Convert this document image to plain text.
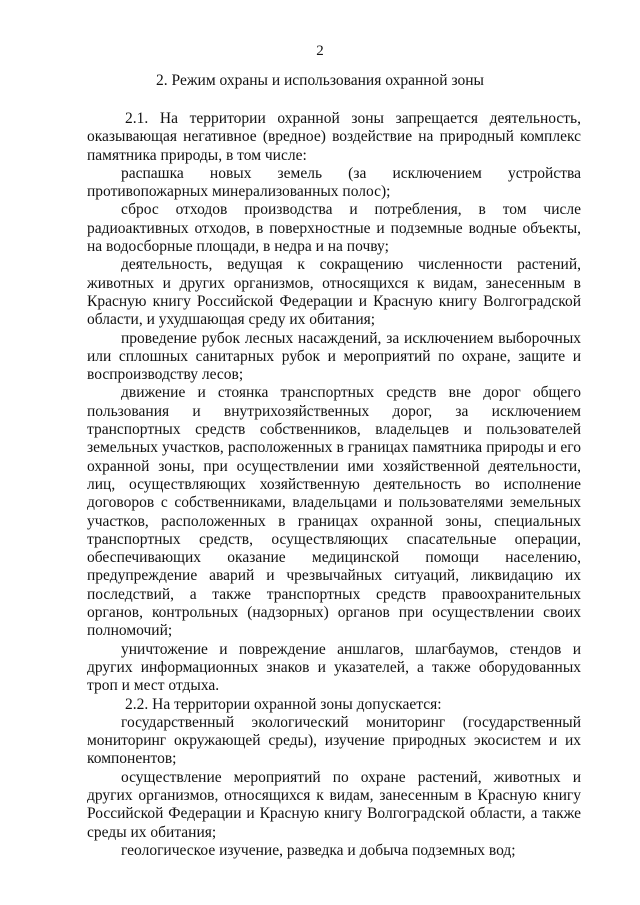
2
2. Режим охраны и использования охранной зоны

2.1. На территории охранной зоны запрещается деятельность, оказывающая негативное (вредное) воздействие на природный комплекс памятника природы, в том числе:

распашка новых земель (за исключением устройства противопожарных минерализованных полос);

сброс отходов производства и потребления, в том числе радиоактивных отходов, в поверхностные и подземные водные объекты, на водосборные площади, в недра и на почву;

деятельность, ведущая к сокращению численности растений, животных и других организмов, относящихся к видам, занесенным в Красную книгу Российской Федерации и Красную книгу Волгоградской области, и ухудшающая среду их обитания;

проведение рубок лесных насаждений, за исключением выборочных или сплошных санитарных рубок и мероприятий по охране, защите и воспроизводству лесов;

движение и стоянка транспортных средств вне дорог общего пользования и внутрихозяйственных дорог, за исключением транспортных средств собственников, владельцев и пользователей земельных участков, расположенных в границах памятника природы и его охранной зоны, при осуществлении ими хозяйственной деятельности, лиц, осуществляющих хозяйственную деятельность во исполнение договоров с собственниками, владельцами и пользователями земельных участков, расположенных в границах охранной зоны, специальных транспортных средств, осуществляющих спасательные операции, обеспечивающих оказание медицинской помощи населению, предупреждение аварий и чрезвычайных ситуаций, ликвидацию их последствий, а также транспортных средств правоохранительных органов, контрольных (надзорных) органов при осуществлении своих полномочий;

уничтожение и повреждение аншлагов, шлагбаумов, стендов и других информационных знаков и указателей, а также оборудованных троп и мест отдыха.

2.2. На территории охранной зоны допускается:

государственный экологический мониторинг (государственный мониторинг окружающей среды), изучение природных экосистем и их компонентов;

осуществление мероприятий по охране растений, животных и других организмов, относящихся к видам, занесенным в Красную книгу Российской Федерации и Красную книгу Волгоградской области, а также среды их обитания;

геологическое изучение, разведка и добыча подземных вод;
